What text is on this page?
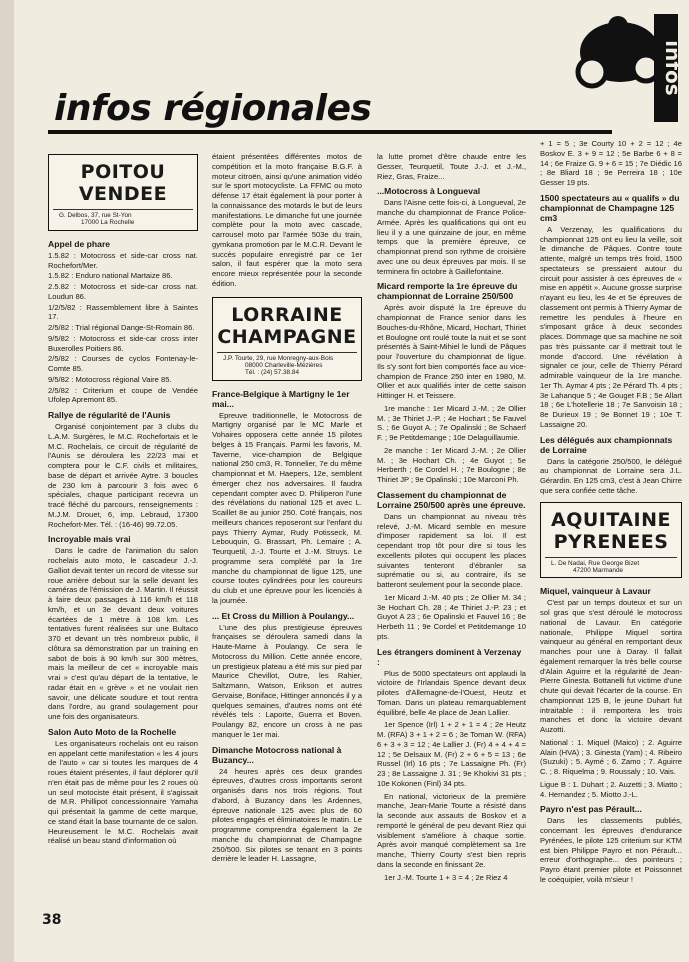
infos régionales
infos
POITOU
VENDEE
G. Delbos, 37, rue St-Yon
17000 La Rochelle
Appel de phare

1.5.82 : Motocross et side-car cross nat. Rochefort/Mer.

1.5.82 : Enduro national Martaize 86.

2.5.82 : Motocross et side-car cross nat. Loudun 86.

1/2/5/82 : Rassemblement libre à Saintes 17.

2/5/82 : Trial régional Dange-St-Romain 86.

9/5/82 : Motocross et side-car cross inter Buxerolles Poitiers 86.

2/5/82 : Courses de cyclos Fontenay-le-Comte 85.

9/5/82 : Motocross régional Vaire 85.

2/5/82 : Criterium et coupe de Vendée Ufolep Apremont 85.

Rallye de régularité de l'Aunis

Organisé conjointement par 3 clubs du L.A.M. Surgères, le M.C. Rochefortais et le M.C. Rochelais, ce circuit de régularité de l'Aunis se déroulera les 22/23 mai et comptera pour le C.F. civils et militaires, base de départ et arrivée Aytre. 3 boucles de 230 km à parcourir 3 fois avec 6 spéciales, chaque participant recevra un tracé fléché du parcours, renseignements : M.J.M. Drouet, 6, imp. Lebraud, 17300 Rochefort-Mer. Tél. : (16-46) 99.72.05.

Incroyable mais vrai

Dans le cadre de l'animation du salon rochelais auto moto, le cascadeur J.-J. Galliot devait tenter un record de vitesse sur roue arrière debout sur la selle devant les caméras de l'émission de J. Martin. Il réussit à faire deux passages à 116 km/h et 118 km/h, et un 3e devant deux voitures écartées de 1 mètre à 108 km. Les tentatives furent réalisées sur une Bultaco 370 et devant un très nombreux public, il clôtura sa démonstration par un training en sabot de bois à 90 km/h sur 300 mètres, mais la meilleur de cet « incroyable mais vrai » c'est qu'au départ de la tentative, le radar était en « grève » et ne voulait rien savoir, une délicate soudure et tout rentra dans l'ordre, au grand soulagement pour une fois des organisateurs.

Salon Auto Moto de la Rochelle

Les organisateurs rochelais ont eu raison en appelant cette manifestation « les 4 jours de l'auto » car si toutes les marques de 4 roues étaient présentes, il faut déplorer qu'il n'en était pas de même pour les 2 roues où un seul motociste était présent, il s'agissait de M.R. Phillipot concessionnaire Yamaha qui présentait la gamme de cette marque, ce stand était la base tournante de ce salon. Heureusement le M.C. Rochelais avait réalisé un beau stand d'information où

étaient présentées différentes motos de compétition et la moto française B.G.F. à moteur citroën, ainsi qu'une animation vidéo sur le sport motocycliste. La FFMC ou moto défense 17 était également là pour porter à la connaissance des motards le but de leurs manifestations. Le dimanche fut une journée complète pour la moto avec cascade, carrousel moto par l'armée 503e du train, gymkana promotion par le M.C.R. Devant le succès populaire enregistré par ce 1er salon, il faut espérer que la moto sera encore mieux représentée pour la seconde édition.

LORRAINE
CHAMPAGNE
J.P. Tourte, 29, rue Monregny-aux-Bois
08000 Charleville-Mézières
Tél. : (24) 57.38.84
France-Belgique à Martigny le 1er mai...

Epreuve traditionnelle, le Motocross de Martigny organisé par le MC Marle et Vohaires opposera cette année 15 pilotes belges à 15 Français. Parmi les favoris, M. Taverne, vice-champion de Belgique national 250 cm3, R. Tonnelier, 7e du même championnat et M. Haepers, 12e, semblent émerger chez nos adversaires. Il faudra cependant compter avec D. Philiperon l'une des révélations du national 125 et avec L. Scaillet 8e au junior 250. Coté français, nos meilleurs chances reposeront sur l'enfant du pays Thierry Aymar, Rudy Potisseck, M. Lebouquin, G. Brassart, Ph. Lemaire ; A. Teurquetil, J.-J. Tourte et J.-M. Struys. Le programme sera complété par la 1re manche du championnat de ligue 125, une course toutes cylindrées pour les coureurs du club et une épreuve pour les licenciés à la journée.

... Et Cross du Million à Poulangy...

L'une des plus prestigieuse épreuves françaises se déroulera samedi dans la Haute-Marne à Poulangy. Ce sera le Motocross du Million. Cette année encore, un prestigieux plateau a été mis sur pied par Maurice Chevillot, Outre, les Rahier, Saltzmann, Watson, Erikson et autres Gervaise, Boniface, Hittinger annoncés il y a quelques semaines, d'autres noms ont été révélés tels : Laporte, Guerra et Boven. Poulangy 82, encore un cross à ne pas manquer le 1er mai.

Dimanche Motocross national à Buzancy...

24 heures après ces deux grandes épreuves, d'autres cross importants seront organisés dans nos trois régions. Tout d'abord, à Buzancy dans les Ardennes, épreuve nationale 125 avec plus de 60 pilotes engagés et éliminatoires le matin. Le programme comprendra également la 2e manche du championnat de Champagne 250/500. Six pilotes se tenant en 3 points derrière le leader H. Lassagne,

la lutte promet d'être chaude entre les Gesser, Teurquetil, Toute J.-J. et J.-M., Riez, Gras, Fraize...

...Motocross à Longueval

Dans l'Aisne cette fois-ci, à Longueval, 2e manche du championnat de France Police-Armée. Après les qualifications qui ont eu lieu il y a une quinzaine de jour, en même temps que la première épreuve, ce championnat prend son rythme de croisière avec une ou deux épreuves par mois. Il se terminera fin octobre à Gaillefontaine.

Micard remporte la 1re épreuve du championnat de Lorraine 250/500

Après avoir disputé la 1re épreuve du championnat de France senior dans les Bouches-du-Rhône, Micard, Hochart, Thiriet et Boulogne ont roulé toute la nuit et se sont présentés à Saint-Mihiel le lundi de Pâques pour l'ouverture du championnat de ligue. Ils s'y sont fort bien comportés face au vice-champion de France 250 inter en 1980, M. Ollier et aux qualifiés inter de cette saison Hittinger H. et Teissere.

1re manche : 1er Micard J.-M. ; 2e Ollier M. ; 3e Thiriet J.-P. ; 4e Hochart ; 5e Fauvel S. ; 6e Guyot A. ; 7e Opalinski ; 8e Schaerf F. ; 9e Petitdemange ; 10e Delaguillaumie.

2e manche : 1er Micard J.-M. ; 2e Ollier M. ; 3e Hochart Ch. ; 4e Guyot ; 5e Herberth ; 6e Cordel H. ; 7e Boulogne ; 8e Thiriet JP ; 9e Opalinski ; 10e Marconi Ph.

Classement du championnat de Lorraine 250/500 après une épreuve.

Dans un championnat au niveau très relevé, J.-M. Micard semble en mesure d'imposer rapidement sa loi. Il est cependant trop tôt pour dire si tous les excellents pilotes qui occupent les places suivantes tenteront d'ébranler sa suprématie ou si, au contraire, ils se batteront seulement pour la seconde place.

1er Micard J.-M. 40 pts ; 2e Ollier M. 34 ; 3e Hochart Ch. 28 ; 4e Thiriet J.-P. 23 ; et Guyot A 23 ; 6e Opalinski et Fauvel 16 ; 8e Herbeth 11 ; 9e Cordel et Petitdemange 10 pts.

Les étrangers dominent à Verzenay :

Plus de 5000 spectateurs ont applaudi la victoire de l'Irlandais Spence devant deux pilotes d'Allemagne-de-l'Ouest, Heutz et Toman. Dans un plateau remarquablement équilibré, belle 4e place de Jean Lallier.

1er Spence (Irl) 1 + 2 + 1 = 4 ; 2e Heutz M. (RFA) 3 + 1 + 2 = 6 ; 3e Toman W. (RFA) 6 + 3 + 3 = 12 ; 4e Lallier J. (Fr) 4 + 4 + 4 = 12 ; 5e Delsaux M. (Fr) 2 + 6 + 5 = 13 ; 6e Russel (Irl) 16 pts ; 7e Lassaigne Ph. (Fr) 23 ; 8e Lassaigne J. 31 ; 9e Khokivi 31 pts ; 10e Kokonen (Finl) 34 pts.

En national, victorieux de la première manche, Jean-Marie Tourte a résisté dans la seconde aux assauts de Boskov et a remporté le général de peu devant Riez qui visiblement s'améliore à chaque sortie. Après avoir manqué complètement sa 1re manche, Thierry Courty s'est bien repris dans la seconde en finissant 2e.

1er J.-M. Tourte 1 + 3 = 4 ; 2e Riez 4

+ 1 = 5 ; 3e Courty 10 + 2 = 12 ; 4e Boskov E. 3 + 9 = 12 ; 5e Barbe 6 + 8 = 14 ; 6e Fraize G. 9 + 6 = 15 ; 7e Diédic 16 ; 8e Bliard 18 ; 9e Perreira 18 ; 10e Gesser 19 pts.

1500 spectateurs au « qualifs » du championnat de Champagne 125 cm3

A Verzenay, les qualifications du championnat 125 ont eu lieu la veille, soit le dimanche de Pâques. Contre toute attente, malgré un temps très froid, 1500 spectateurs se pressaient autour du circuit pour assister à ces épreuves de « mise en appétit ». Aucune grosse surprise n'ayant eu lieu, les 4e et 5e épreuves de classement ont permis à Thierry Aymar de remettre les pendules à l'heure en s'imposant grâce à deux secondes places. Dommage que sa machine ne soit pas très puissante car il mettrait tout le monde d'accord. Une révélation à signaler ce jour, celle de Thierry Pérard admirable vainqueur de la 1re manche. 1er Th. Aymar 4 pts ; 2e Pérard Th. 4 pts ; 3e Lahanque 5 ; 4e Gouget F.B ; 5e Allart 18 ; 6e L'hotellerie 18 ; 7e Sanvoisin 18 ; 8e Durieux 19 ; 9e Bonnet 19 ; 10e T. Lassaigne 20.

Les délégués aux championnats de Lorraine

Dans la catégorie 250/500, le délégué au championnat de Lorraine sera J.L. Gérardin. En 125 cm3, c'est à Jean Chirre que sera confiée cette tâche.

AQUITAINE
PYRENEES
L. De Nadai, Rue George Bizet
47200 Marmande
Miquel, vainqueur à Lavaur

C'est par un temps douteux et sur un sol gras que s'est déroulé le motocross national de Lavaur. En catégorie nationale, Philippe Miquel sortira vainqueur au général en remportant deux manches pour une à Daray. Il fallait également remarquer la très belle course d'Alain Aguirre et la régularité de Jean-Pierre Ginesta. Bottanelli fut victime d'une chute qui devait l'écarter de la course. En championnat 125 B, le jeune Duhart fut intraitable : il remportera les trois manches et donc la victoire devant Auzotti.

National : 1. Miquel (Maico) ; 2. Aguirre Alain (HVA) ; 3. Ginesta (Yam) ; 4. Ribeiro (Suzuki) ; 5. Aymé ; 6. Zamo ; 7. Aguirre C. ; 8. Riquelma ; 9. Roussaly ; 10. Vais.

Ligue B : 1. Duhart ; 2. Auzetti ; 3. Miatto ; 4. Hernandez ; 5. Miotto J.-L.

Payro n'est pas Pérault...

Dans les classements publiés, concernant les épreuves d'endurance Pyrénées, le pilote 125 criterium sur KTM est bien Philippe Payro et non Pérault... erreur d'orthographe... des pointeurs ; Payro étant premier pilote et Poissonnet le coéquipier, voilà m'sieur !

38
